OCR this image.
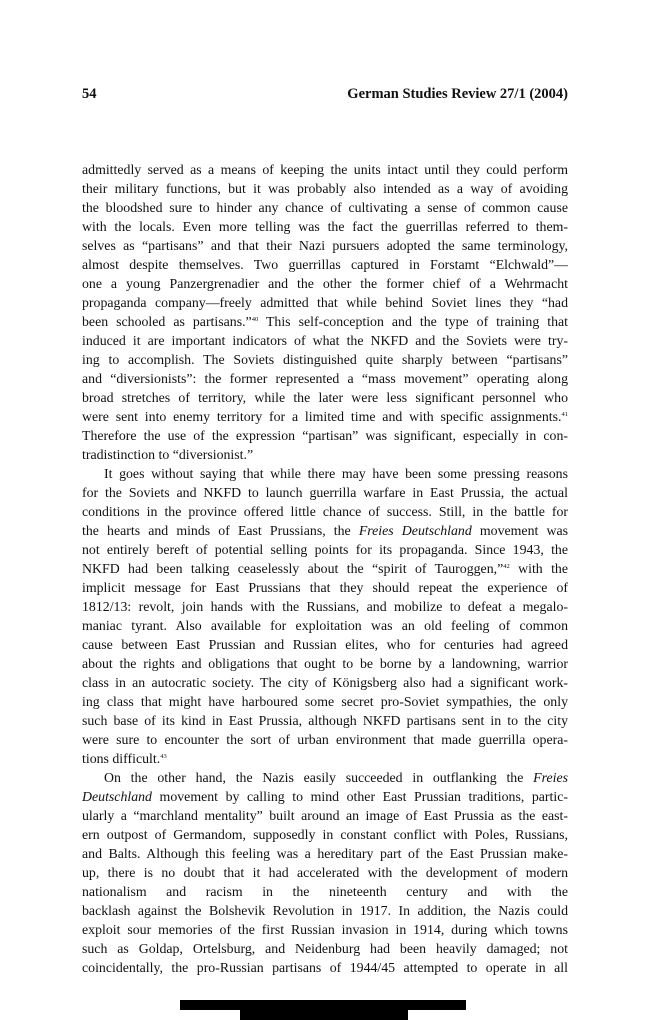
54	German Studies Review 27/1 (2004)
admittedly served as a means of keeping the units intact until they could perform
their military functions, but it was probably also intended as a way of avoiding
the bloodshed sure to hinder any chance of cultivating a sense of common cause
with the locals. Even more telling was the fact the guerrillas referred to them-
selves as “partisans” and that their Nazi pursuers adopted the same terminology,
almost despite themselves. Two guerrillas captured in Forstamt “Elchwald”—
one a young Panzergrenadier and the other the former chief of a Wehrmacht
propaganda company—freely admitted that while behind Soviet lines they “had
been schooled as partisans.”$^{40}$ This self-conception and the type of training that
induced it are important indicators of what the NKFD and the Soviets were try-
ing to accomplish. The Soviets distinguished quite sharply between “partisans”
and “diversionists”: the former represented a “mass movement” operating along
broad stretches of territory, while the later were less significant personnel who
were sent into enemy territory for a limited time and with specific assignments.$^{41}$
Therefore the use of the expression “partisan” was significant, especially in con-
tradistinction to “diversionist.”
It goes without saying that while there may have been some pressing reasons
for the Soviets and NKFD to launch guerrilla warfare in East Prussia, the actual
conditions in the province offered little chance of success. Still, in the battle for
the hearts and minds of East Prussians, the Freies Deutschland movement was
not entirely bereft of potential selling points for its propaganda. Since 1943, the
NKFD had been talking ceaselessly about the “spirit of Tauroggen,”$^{42}$ with the
implicit message for East Prussians that they should repeat the experience of
1812/13: revolt, join hands with the Russians, and mobilize to defeat a megalo-
maniac tyrant. Also available for exploitation was an old feeling of common
cause between East Prussian and Russian elites, who for centuries had agreed
about the rights and obligations that ought to be borne by a landowning, warrior
class in an autocratic society. The city of Königsberg also had a significant work-
ing class that might have harboured some secret pro-Soviet sympathies, the only
such base of its kind in East Prussia, although NKFD partisans sent in to the city
were sure to encounter the sort of urban environment that made guerrilla opera-
tions difficult.$^{43}$
On the other hand, the Nazis easily succeeded in outflanking the Freies
Deutschland movement by calling to mind other East Prussian traditions, partic-
ularly a “marchland mentality” built around an image of East Prussia as the east-
ern outpost of Germandom, supposedly in constant conflict with Poles, Russians,
and Balts. Although this feeling was a hereditary part of the East Prussian make-
up, there is no doubt that it had accelerated with the development of modern
nationalism and racism in the nineteenth century and with the
backlash against the Bolshevik Revolution in 1917. In addition, the Nazis could
exploit sour memories of the first Russian invasion in 1914, during which towns
such as Goldap, Ortelsburg, and Neidenburg had been heavily damaged; not
coincidentally, the pro-Russian partisans of 1944/45 attempted to operate in all
